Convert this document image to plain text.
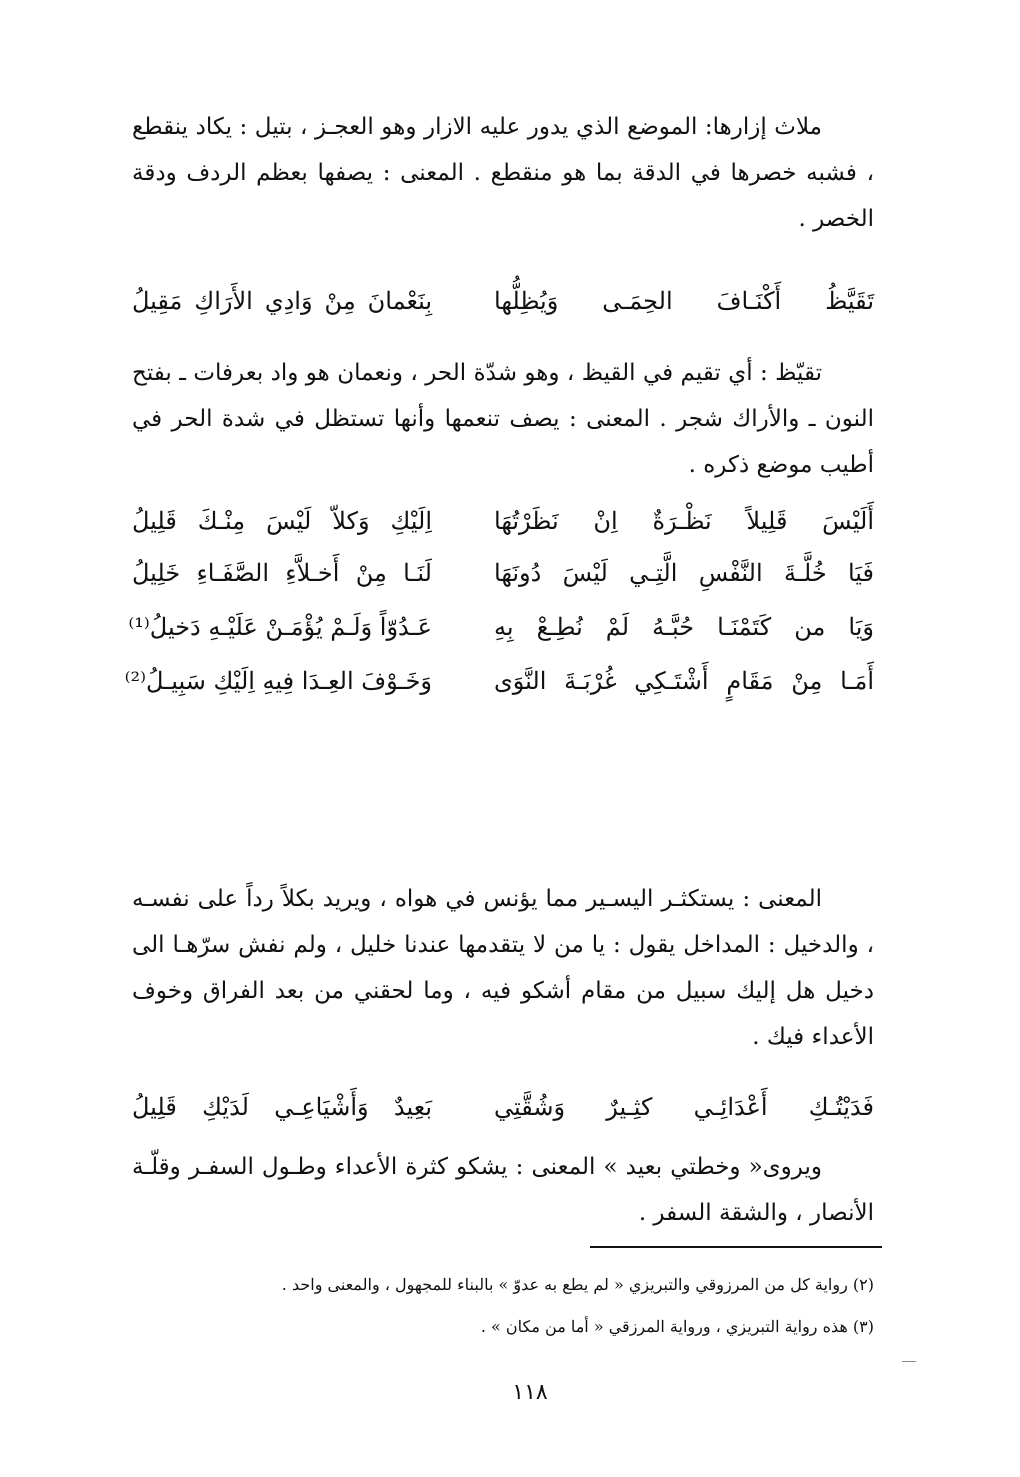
ملاث إزارها: الموضع الذي يدور عليه الازار وهو العجـز ، بتيل : يكاد ينقطع ، فشبه خصرها في الدقة بما هو منقطع . المعنى : يصفها بعظم الردف ودقة الخصر .

تَقَيَّظُ أَكْنَـافَ الحِمَـى وَيُظِلُّها
بِنَعْمانَ مِنْ وَادِي الأَرَاكِ مَقِيلُ

تقيّظ : أي تقيم في القيظ ، وهو شدّة الحر ، ونعمان هو واد بعرفات ـ بفتح النون ـ والأراك شجر . المعنى : يصف تنعمها وأنها تستظل في شدة الحر في أطيب موضع ذكره .

أَلَيْسَ قَلِيلاً نَظْـرَةٌ اِنْ نَظَرْتُهَا
اِلَيْكِ وَكلاّ لَيْسَ مِنْـكَ قَلِيلُ
فَيَا خُلَّـةَ النَّفْسِ الَّتِـي لَيْسَ دُونَهَا
لَنَـا مِنْ أَخـلاَّءِ الصَّفَـاءِ خَلِيلُ
وَيَا من كَتَمْنَـا حُبَّـهُ لَمْ نُطِـعْ بِهِ
عَـدُوّاً وَلَـمْ يُؤْمَـنْ عَلَيْـهِ دَخيلُ⁽¹⁾
أَمَـا مِنْ مَقَامٍ أَشْتَـكِي غُرْبَـةَ النَّوَى
وَخَـوْفَ العِـدَا فِيهِ اِلَيْكِ سَبِيـلُ⁽²⁾

المعنى : يستكثـر اليسـير مما يؤنس في هواه ، ويريد بكلاً رداً على نفسـه ، والدخيل : المداخل يقول : يا من لا يتقدمها عندنا خليل ، ولم نفش سرّهـا الى دخيل هل إليك سبيل من مقام أشكو فيه ، وما لحقني من بعد الفراق وخوف الأعداء فيك .

فَدَيْتُـكِ أَعْدَائِـي كثِـيرٌ وَشُقَّتِي
بَعِيدٌ وَأَشْيَاعِـي لَدَيْكِ قَلِيلُ

ويروى« وخطتي بعيد » المعنى : يشكو كثرة الأعداء وطـول السفـر وقلّـة الأنصار ، والشقة السفر .

(٢) رواية كل من المرزوقي والتبريزي « لم يطع به عدوّ » بالبناء للمجهول ، والمعنى واحد .
(٣) هذه رواية التبريزي ، ورواية المرزقي « أما من مكان » .
١١٨
